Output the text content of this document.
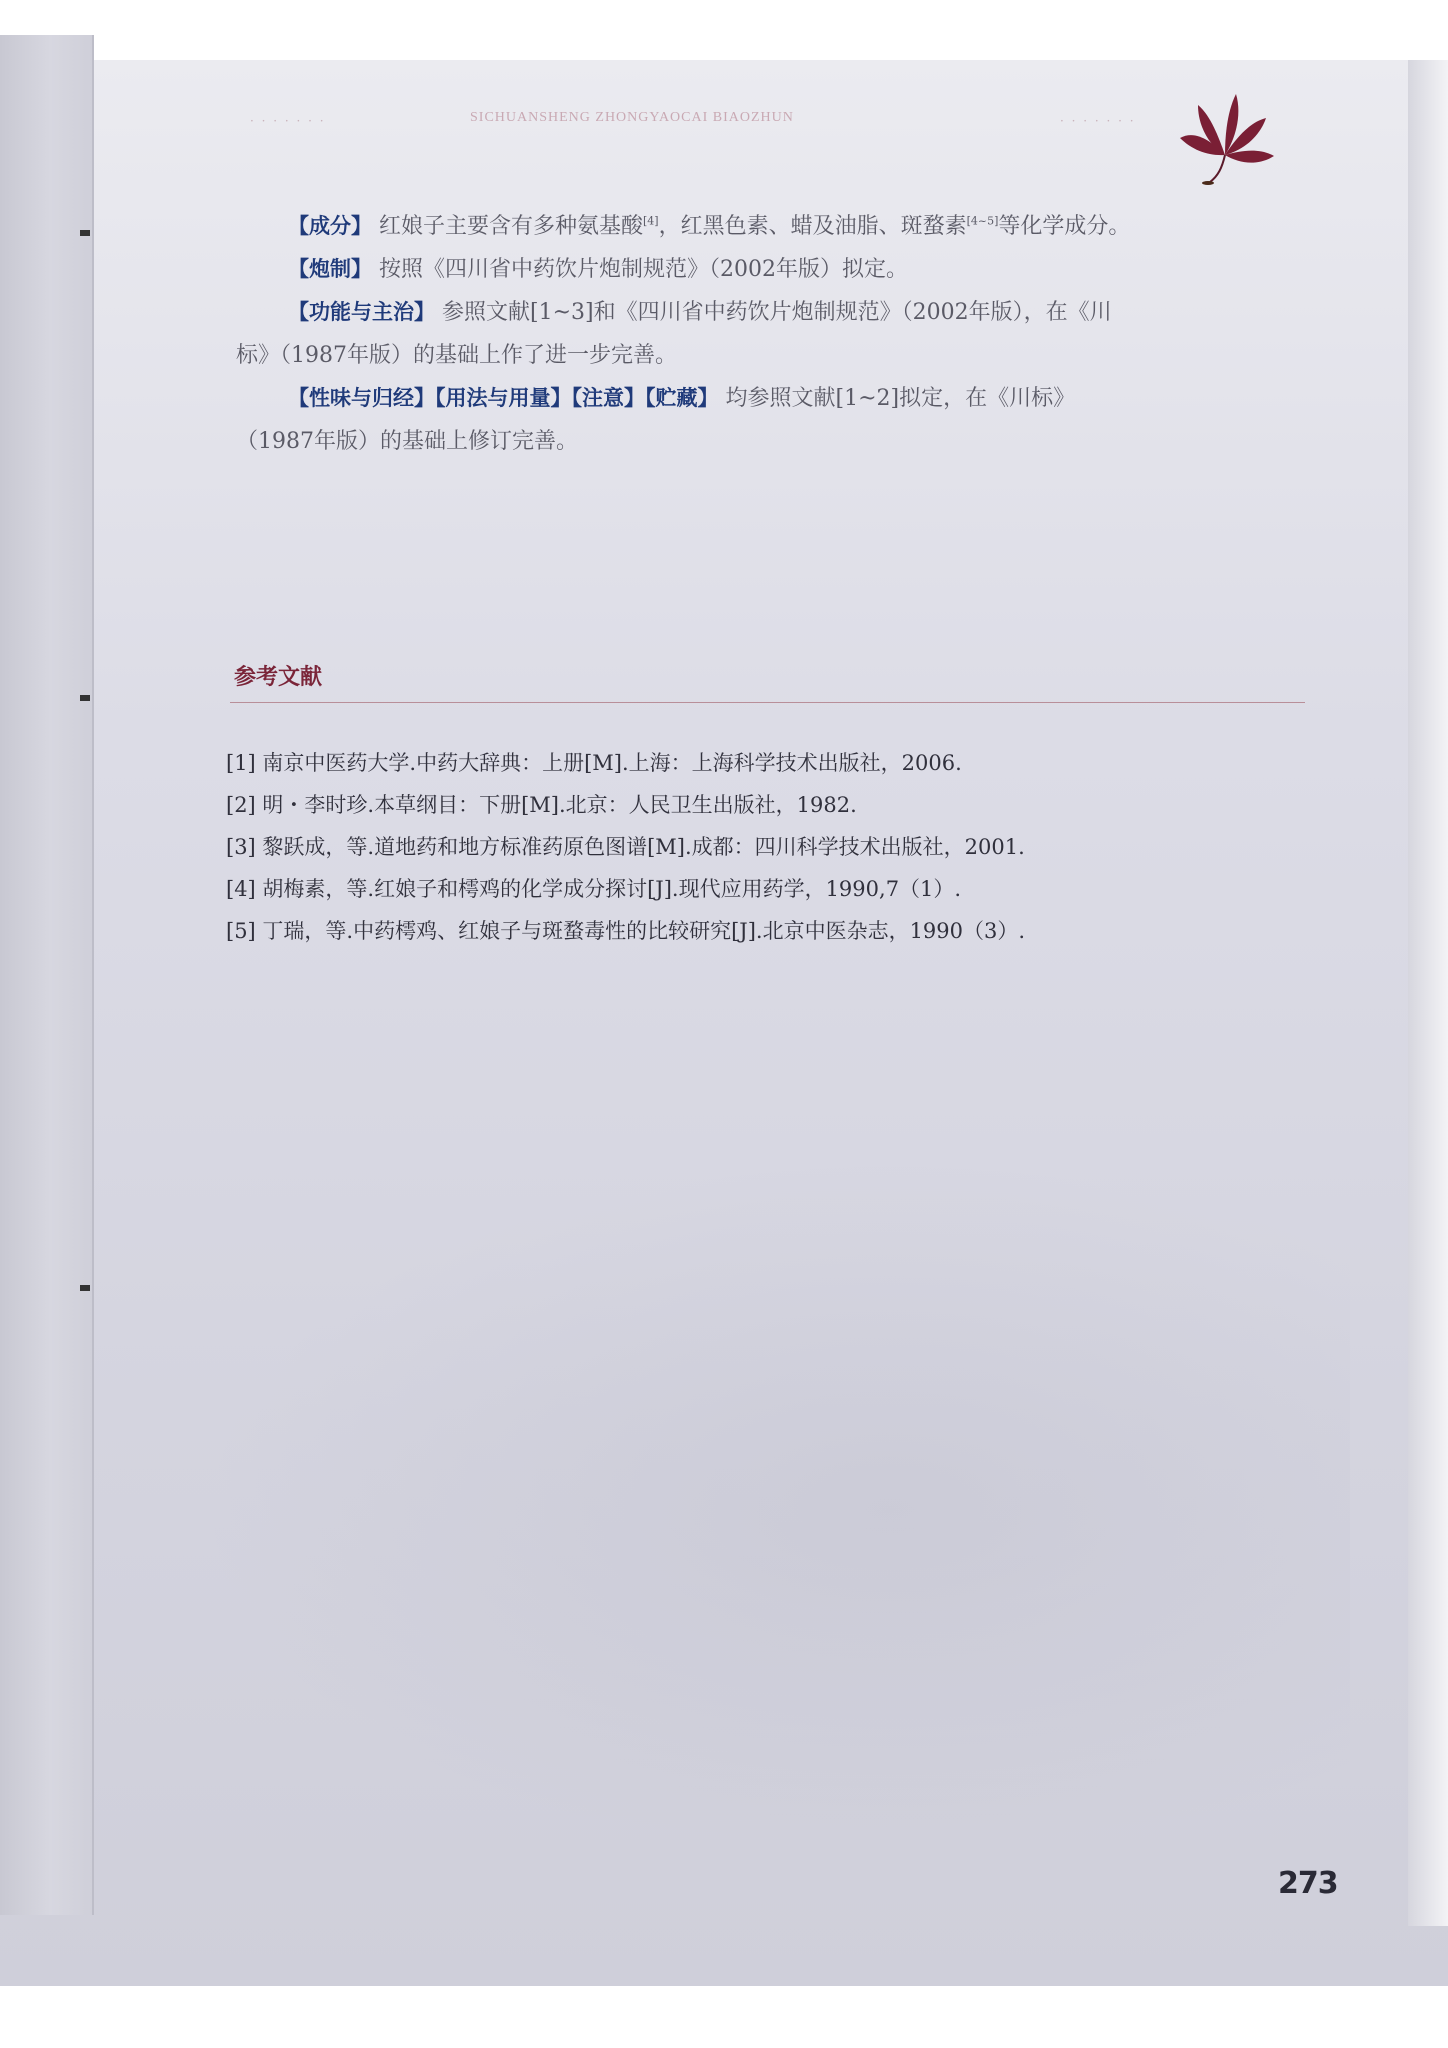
· · · · · · ·	SICHUANSHENG ZHONGYAOCAI BIAOZHUN	· · · · · · ·

【成分】 红娘子主要含有多种氨基酸[4]，红黑色素、蜡及油脂、斑蝥素[4~5]等化学成分。

【炮制】 按照《四川省中药饮片炮制规范》（2002年版）拟定。

【功能与主治】 参照文献[1~3]和《四川省中药饮片炮制规范》（2002年版），在《川

标》（1987年版）的基础上作了进一步完善。

【性味与归经】【用法与用量】【注意】【贮藏】 均参照文献[1~2]拟定，在《川标》

（1987年版）的基础上修订完善。

参考文献
[1] 南京中医药大学.中药大辞典：上册[M].上海：上海科学技术出版社，2006.
[2] 明・李时珍.本草纲目：下册[M].北京：人民卫生出版社，1982.
[3] 黎跃成，等.道地药和地方标准药原色图谱[M].成都：四川科学技术出版社，2001.
[4] 胡梅素，等.红娘子和樗鸡的化学成分探讨[J].现代应用药学，1990,7（1）.
[5] 丁瑞，等.中药樗鸡、红娘子与斑蝥毒性的比较研究[J].北京中医杂志，1990（3）.
273
